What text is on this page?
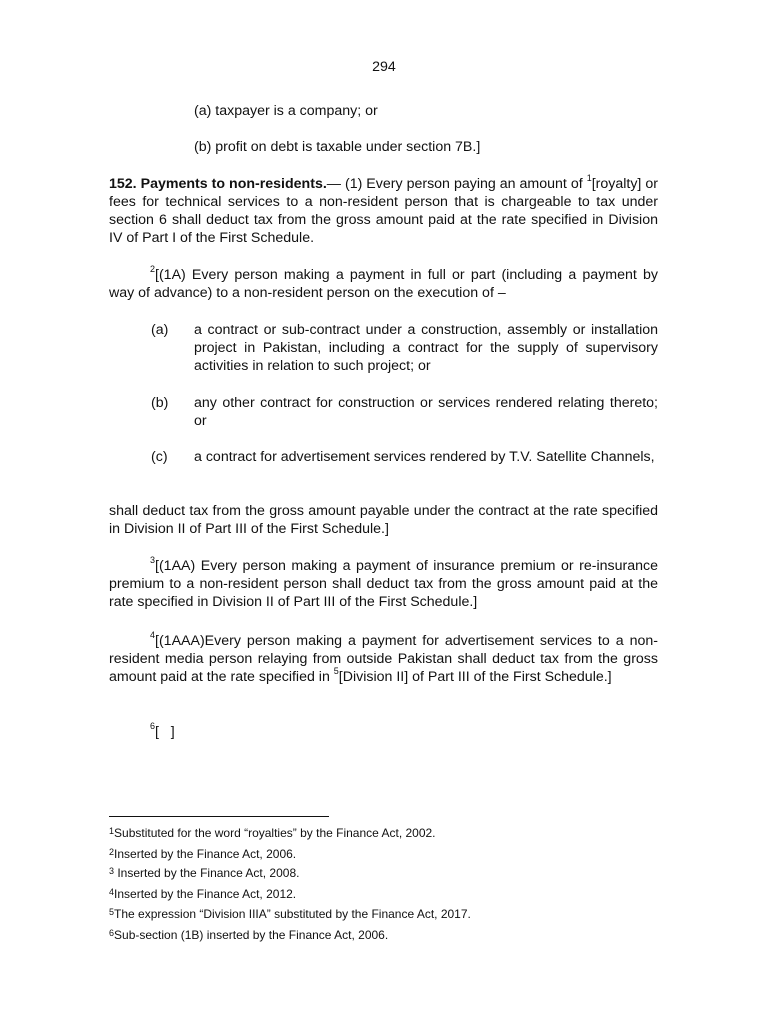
294
(a) taxpayer is a company; or
(b) profit on debt is taxable under section 7B.]
152. Payments to non-residents.— (1) Every person paying an amount of $^1$[royalty] or fees for technical services to a non-resident person that is chargeable to tax under section 6 shall deduct tax from the gross amount paid at the rate specified in Division IV of Part I of the First Schedule.
$^2$[(1A) Every person making a payment in full or part (including a payment by way of advance) to a non-resident person on the execution of –
(a) a contract or sub-contract under a construction, assembly or installation project in Pakistan, including a contract for the supply of supervisory activities in relation to such project; or
(b) any other contract for construction or services rendered relating thereto; or
(c) a contract for advertisement services rendered by T.V. Satellite Channels,
shall deduct tax from the gross amount payable under the contract at the rate specified in Division II of Part III of the First Schedule.]
$^3$[(1AA) Every person making a payment of insurance premium or re-insurance premium to a non-resident person shall deduct tax from the gross amount paid at the rate specified in Division II of Part III of the First Schedule.]
$^4$[(1AAA)Every person making a payment for advertisement services to a non-resident media person relaying from outside Pakistan shall deduct tax from the gross amount paid at the rate specified in $^5$[Division II] of Part III of the First Schedule.]
$^6$[   ]
$^1$Substituted for the word “royalties” by the Finance Act, 2002.
$^2$Inserted by the Finance Act, 2006.
$^3$ Inserted by the Finance Act, 2008.
$^4$Inserted by the Finance Act, 2012.
$^5$The expression “Division IIIA” substituted by the Finance Act, 2017.
$^6$Sub-section (1B) inserted by the Finance Act, 2006.
